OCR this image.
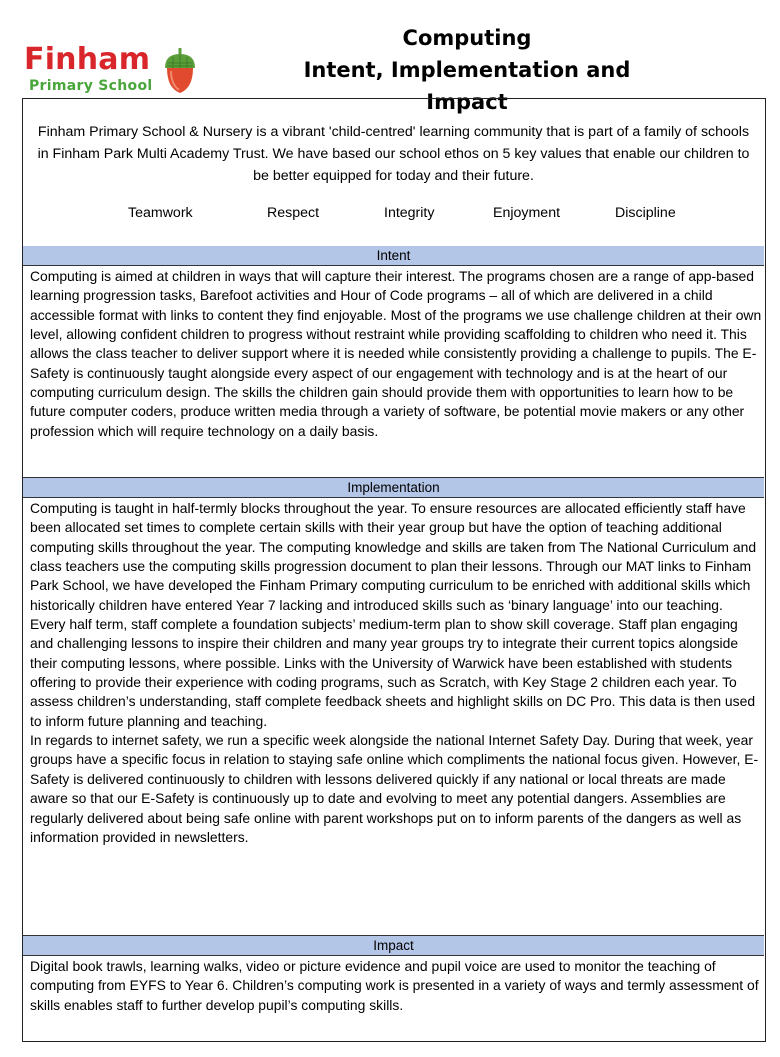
Finham
Primary School
Computing
Intent, Implementation and Impact
Finham Primary School & Nursery is a vibrant 'child-centred' learning community that is part of a family of schools in Finham Park Multi Academy Trust. We have based our school ethos on 5 key values that enable our children to be better equipped for today and their future.
Teamwork	Respect	Integrity	Enjoyment	Discipline
Intent
Computing is aimed at children in ways that will capture their interest. The programs chosen are a range of app-based learning progression tasks, Barefoot activities and Hour of Code programs – all of which are delivered in a child accessible format with links to content they find enjoyable. Most of the programs we use challenge children at their own level, allowing confident children to progress without restraint while providing scaffolding to children who need it. This allows the class teacher to deliver support where it is needed while consistently providing a challenge to pupils. The E-Safety is continuously taught alongside every aspect of our engagement with technology and is at the heart of our computing curriculum design. The skills the children gain should provide them with opportunities to learn how to be future computer coders, produce written media through a variety of software, be potential movie makers or any other profession which will require technology on a daily basis.
Implementation
Computing is taught in half-termly blocks throughout the year. To ensure resources are allocated efficiently staff have been allocated set times to complete certain skills with their year group but have the option of teaching additional computing skills throughout the year. The computing knowledge and skills are taken from The National Curriculum and class teachers use the computing skills progression document to plan their lessons. Through our MAT links to Finham Park School, we have developed the Finham Primary computing curriculum to be enriched with additional skills which historically children have entered Year 7 lacking and introduced skills such as ‘binary language’ into our teaching. Every half term, staff complete a foundation subjects’ medium-term plan to show skill coverage. Staff plan engaging and challenging lessons to inspire their children and many year groups try to integrate their current topics alongside their computing lessons, where possible. Links with the University of Warwick have been established with students offering to provide their experience with coding programs, such as Scratch, with Key Stage 2 children each year. To assess children’s understanding, staff complete feedback sheets and highlight skills on DC Pro. This data is then used to inform future planning and teaching.
In regards to internet safety, we run a specific week alongside the national Internet Safety Day. During that week, year groups have a specific focus in relation to staying safe online which compliments the national focus given. However, E-Safety is delivered continuously to children with lessons delivered quickly if any national or local threats are made aware so that our E-Safety is continuously up to date and evolving to meet any potential dangers. Assemblies are regularly delivered about being safe online with parent workshops put on to inform parents of the dangers as well as information provided in newsletters.
Impact
Digital book trawls, learning walks, video or picture evidence and pupil voice are used to monitor the teaching of computing from EYFS to Year 6. Children’s computing work is presented in a variety of ways and termly assessment of skills enables staff to further develop pupil’s computing skills.
